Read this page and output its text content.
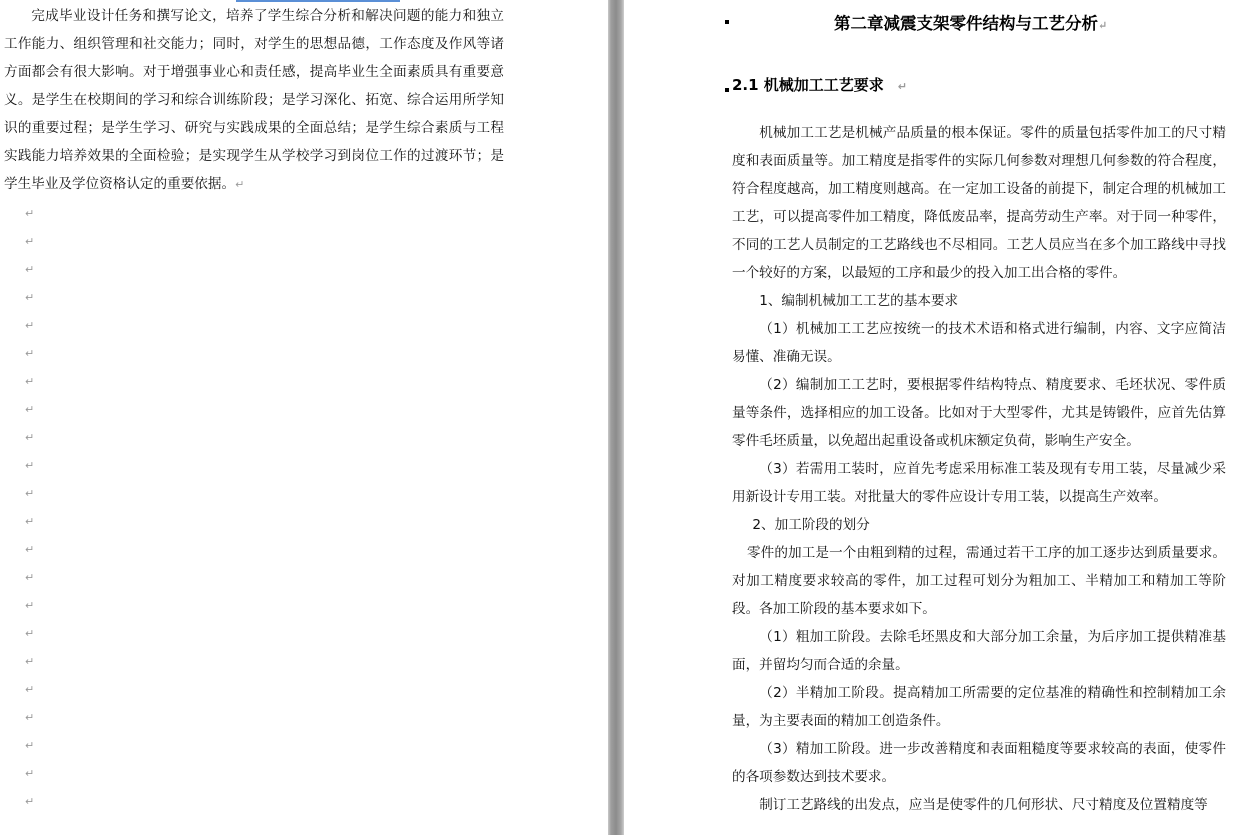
完成毕业设计任务和撰写论文，培养了学生综合分析和解决问题的能力和独立工作能力、组织管理和社交能力；同时，对学生的思想品德，工作态度及作风等诸方面都会有很大影响。对于增强事业心和责任感，提高毕业生全面素质具有重要意义。是学生在校期间的学习和综合训练阶段；是学习深化、拓宽、综合运用所学知识的重要过程；是学生学习、研究与实践成果的全面总结；是学生综合素质与工程实践能力培养效果的全面检验；是实现学生从学校学习到岗位工作的过渡环节；是学生毕业及学位资格认定的重要依据。↵

↵
↵
↵
↵
↵
↵
↵
↵
↵
↵
↵
↵
↵
↵
↵
↵
↵
↵
↵
↵
↵
↵
第二章减震支架零件结构与工艺分析↵
2.1 机械加工工艺要求 ↵

机械加工工艺是机械产品质量的根本保证。零件的质量包括零件加工的尺寸精度和表面质量等。加工精度是指零件的实际几何参数对理想几何参数的符合程度，符合程度越高，加工精度则越高。在一定加工设备的前提下，制定合理的机械加工工艺，可以提高零件加工精度，降低废品率，提高劳动生产率。对于同一种零件，不同的工艺人员制定的工艺路线也不尽相同。工艺人员应当在多个加工路线中寻找一个较好的方案，以最短的工序和最少的投入加工出合格的零件。

1、编制机械加工工艺的基本要求

（1）机械加工工艺应按统一的技术术语和格式进行编制，内容、文字应简洁易懂、准确无误。

（2）编制加工工艺时，要根据零件结构特点、精度要求、毛坯状况、零件质量等条件，选择相应的加工设备。比如对于大型零件，尤其是铸锻件，应首先估算零件毛坯质量，以免超出起重设备或机床额定负荷，影响生产安全。

（3）若需用工装时，应首先考虑采用标准工装及现有专用工装，尽量减少采用新设计专用工装。对批量大的零件应设计专用工装，以提高生产效率。

2、加工阶段的划分

零件的加工是一个由粗到精的过程，需通过若干工序的加工逐步达到质量要求。对加工精度要求较高的零件，加工过程可划分为粗加工、半精加工和精加工等阶段。各加工阶段的基本要求如下。

（1）粗加工阶段。去除毛坯黑皮和大部分加工余量，为后序加工提供精准基面，并留均匀而合适的余量。

（2）半精加工阶段。提高精加工所需要的定位基准的精确性和控制精加工余量，为主要表面的精加工创造条件。

（3）精加工阶段。进一步改善精度和表面粗糙度等要求较高的表面，使零件的各项参数达到技术要求。

制订工艺路线的出发点，应当是使零件的几何形状、尺寸精度及位置精度等
